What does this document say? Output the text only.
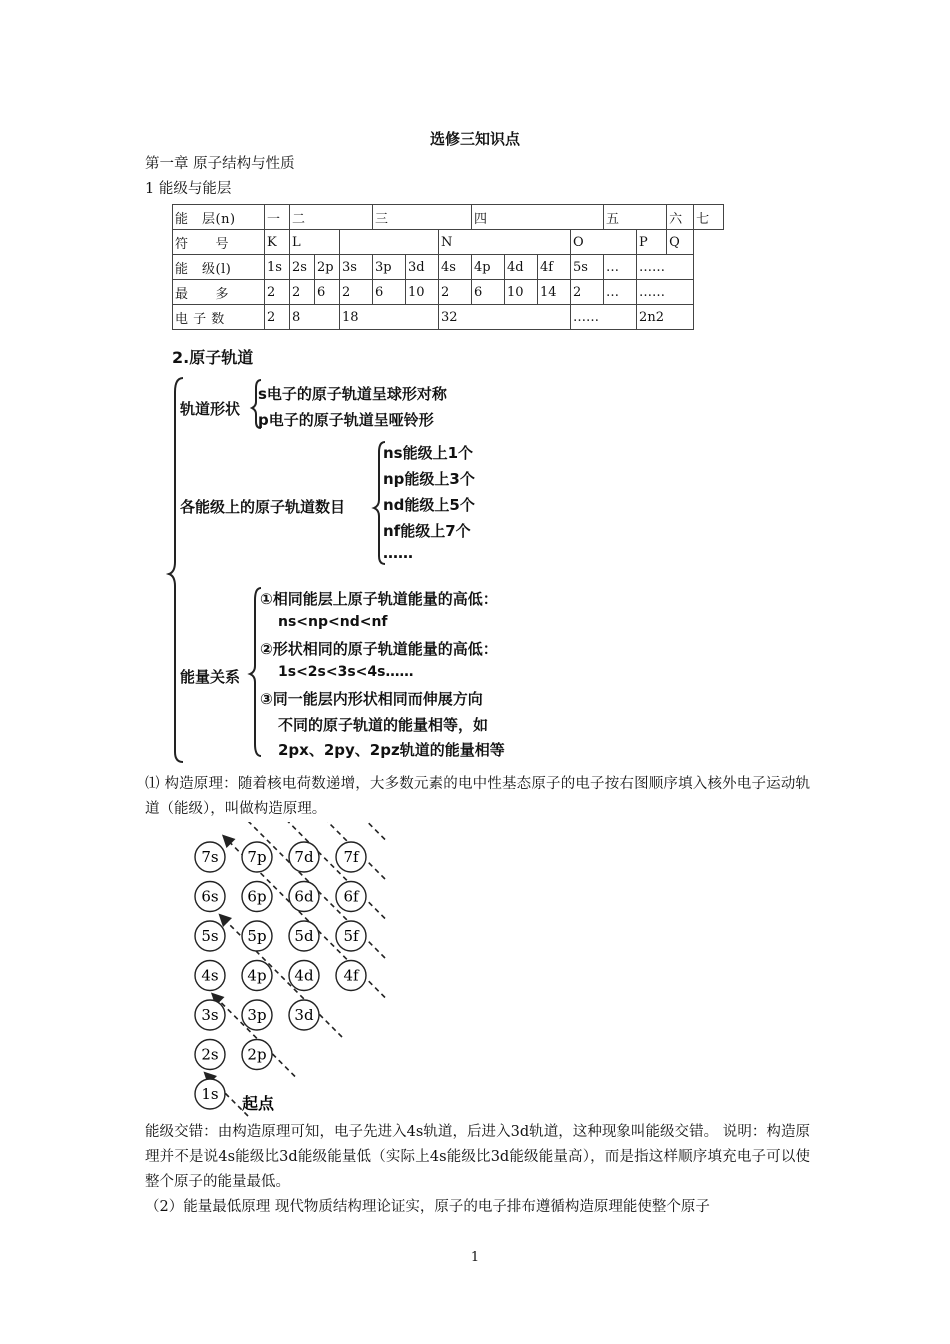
选修三知识点
第一章 原子结构与性质
1 能级与能层
能　层(n)	一	二			三			四				五		六	七
符　　号	K	L					N				O		P	Q	
能　级(l)	1s	2s	2p	3s	3p	3d	4s	4p	4d	4f	5s	…	……		
最　　多	2	2	6	2	6	10	2	6	10	14	2	…	……		
电 子 数	2	8		18			32				……		2n2		
2.原子轨道
轨道形状
s电子的原子轨道呈球形对称
p电子的原子轨道呈哑铃形
各能级上的原子轨道数目
ns能级上1个
np能级上3个
nd能级上5个
nf能级上7个
……
能量关系
①相同能层上原子轨道能量的高低：
ns<np<nd<nf
②形状相同的原子轨道能量的高低：
1s<2s<3s<4s……
③同一能层内形状相同而伸展方向
不同的原子轨道的能量相等，如
2px、2py、2pz轨道的能量相等
⑴ 构造原理：随着核电荷数递增，大多数元素的电中性基态原子的电子按右图顺序填入核外电子运动轨道（能级），叫做构造原理。
7s 7p 7d 7f
6s 6p 6d 6f
5s 5p 5d 5f
4s 4p 4d 4f
3s 3p 3d
2s 2p
1s 起点
能级交错：由构造原理可知，电子先进入4s轨道，后进入3d轨道，这种现象叫能级交错。 说明：构造原理并不是说4s能级比3d能级能量低（实际上4s能级比3d能级能量高），而是指这样顺序填充电子可以使整个原子的能量最低。
（2）能量最低原理 现代物质结构理论证实，原子的电子排布遵循构造原理能使整个原子
1
